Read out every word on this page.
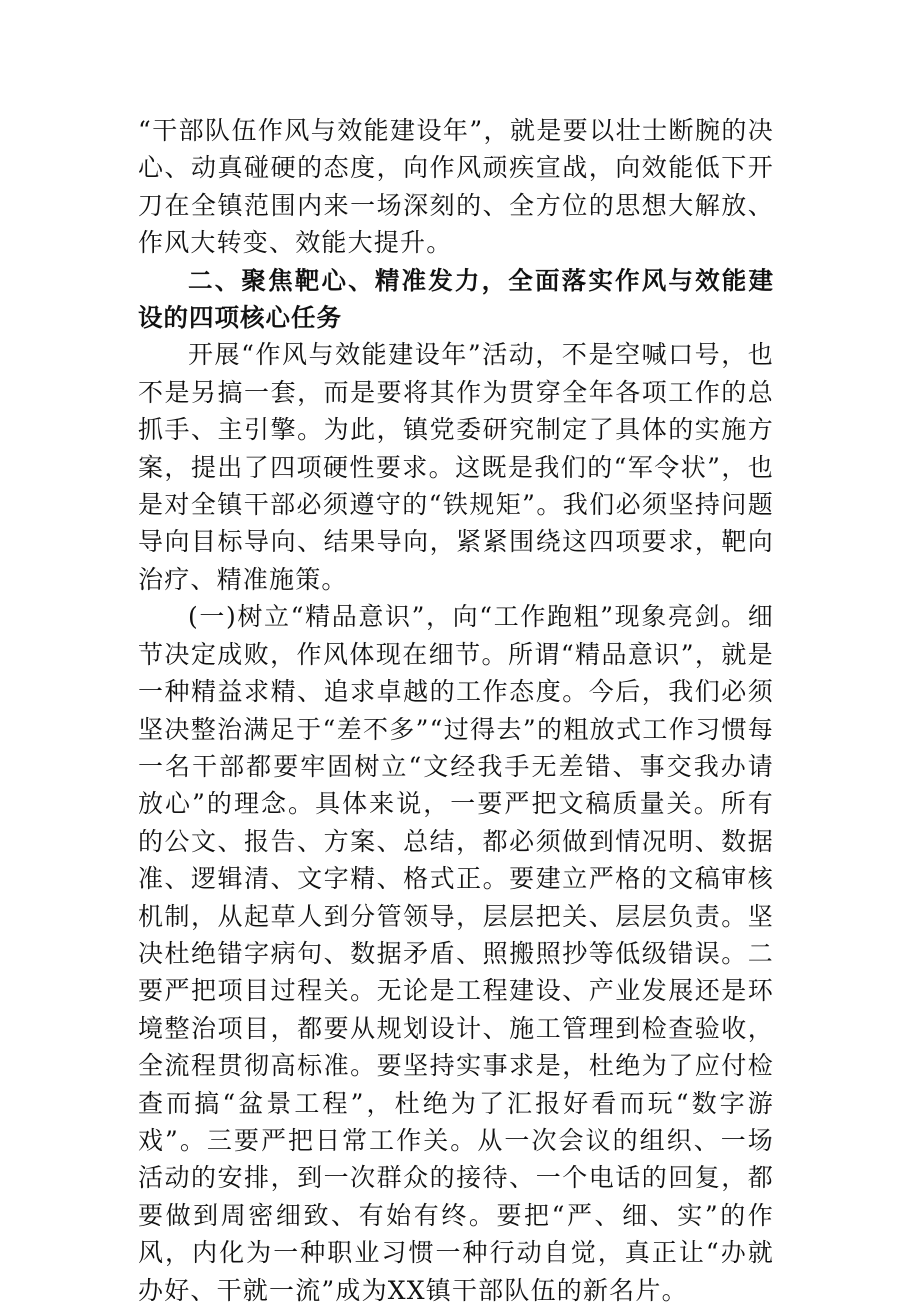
“干部队伍作风与效能建设年”，就是要以壮士断腕的决心、动真碰硬的态度，向作风顽疾宣战，向效能低下开刀在全镇范围内来一场深刻的、全方位的思想大解放、作风大转变、效能大提升。

二、聚焦靶心、精准发力，全面落实作风与效能建设的四项核心任务

开展“作风与效能建设年”活动，不是空喊口号，也不是另搞一套，而是要将其作为贯穿全年各项工作的总抓手、主引擎。为此，镇党委研究制定了具体的实施方案，提出了四项硬性要求。这既是我们的“军令状”，也是对全镇干部必须遵守的“铁规矩”。我们必须坚持问题导向目标导向、结果导向，紧紧围绕这四项要求，靶向治疗、精准施策。

(一)树立“精品意识”，向“工作跑粗”现象亮剑。细节决定成败，作风体现在细节。所谓“精品意识”，就是一种精益求精、追求卓越的工作态度。今后，我们必须坚决整治满足于“差不多”“过得去”的粗放式工作习惯每一名干部都要牢固树立“文经我手无差错、事交我办请放心”的理念。具体来说，一要严把文稿质量关。所有的公文、报告、方案、总结，都必须做到情况明、数据准、逻辑清、文字精、格式正。要建立严格的文稿审核机制，从起草人到分管领导，层层把关、层层负责。坚决杜绝错字病句、数据矛盾、照搬照抄等低级错误。二要严把项目过程关。无论是工程建设、产业发展还是环境整治项目，都要从规划设计、施工管理到检查验收，全流程贯彻高标准。要坚持实事求是，杜绝为了应付检查而搞“盆景工程”，杜绝为了汇报好看而玩“数字游戏”。三要严把日常工作关。从一次会议的组织、一场活动的安排，到一次群众的接待、一个电话的回复，都要做到周密细致、有始有终。要把“严、细、实”的作风，内化为一种职业习惯一种行动自觉，真正让“办就办好、干就一流”成为XX镇干部队伍的新名片。
